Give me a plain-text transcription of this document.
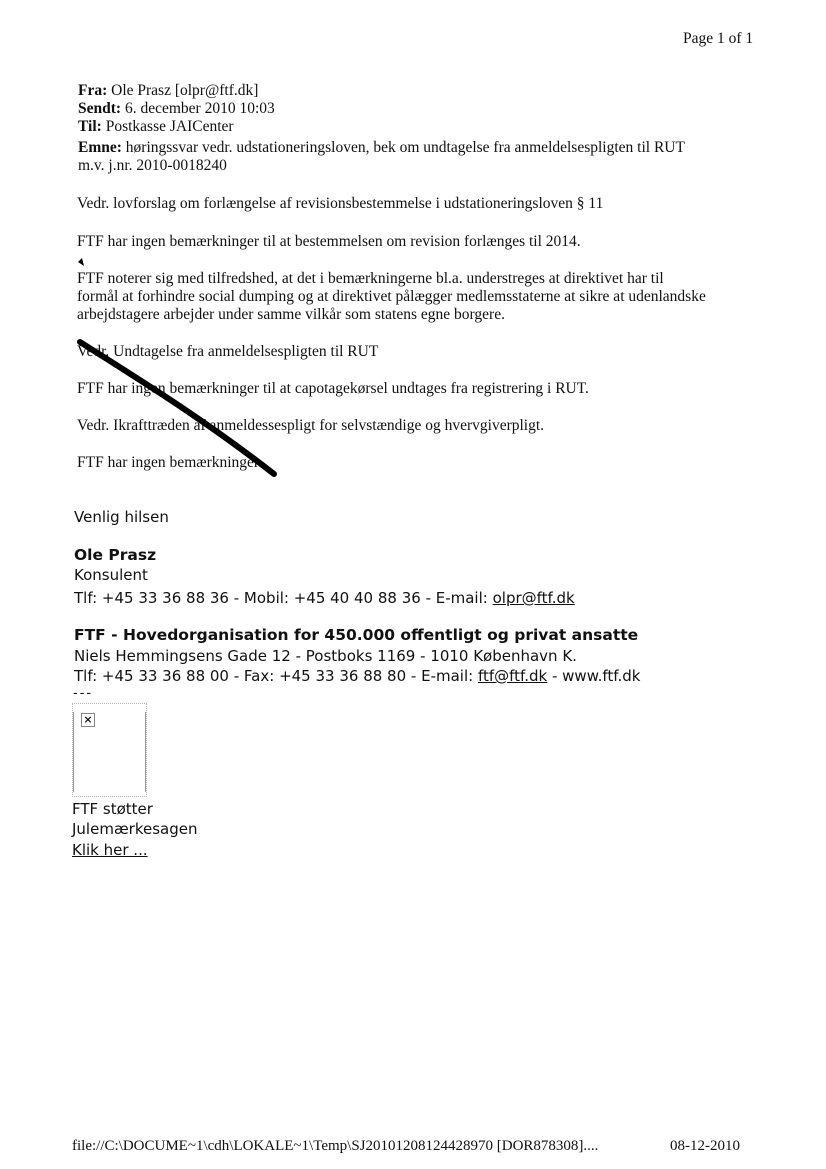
Page 1 of 1
Fra: Ole Prasz [olpr@ftf.dk]
Sendt: 6. december 2010 10:03
Til: Postkasse JAICenter
Emne: høringssvar vedr. udstationeringsloven, bek om undtagelse fra anmeldelsespligten til RUT
m.v. j.nr. 2010-0018240
Vedr. lovforslag om forlængelse af revisionsbestemmelse i udstationeringsloven § 11
FTF har ingen bemærkninger til at bestemmelsen om revision forlænges til 2014.
FTF noterer sig med tilfredshed, at det i bemærkningerne bl.a. understreges at direktivet har til
formål at forhindre social dumping og at direktivet pålægger medlemsstaterne at sikre at udenlandske
arbejdstagere arbejder under samme vilkår som statens egne borgere.
Vedr. Undtagelse fra anmeldelsespligten til RUT
FTF har ingen bemærkninger til at capotagekørsel undtages fra registrering i RUT.
Vedr. Ikrafttræden af anmeldessespligt for selvstændige og hvervgiverpligt.
FTF har ingen bemærkninger.
Venlig hilsen
Ole Prasz
Konsulent
Tlf: +45 33 36 88 36 - Mobil: +45 40 40 88 36 - E-mail: olpr@ftf.dk
FTF - Hovedorganisation for 450.000 offentligt og privat ansatte
Niels Hemmingsens Gade 12 - Postboks 1169 - 1010 København K.
Tlf: +45 33 36 88 00 - Fax: +45 33 36 88 80 - E-mail: ftf@ftf.dk - www.ftf.dk
---
×
FTF støtter
Julemærkesagen
Klik her ...
file://C:\DOCUME~1\cdh\LOKALE~1\Temp\SJ20101208124428970 [DOR878308]....	08-12-2010
